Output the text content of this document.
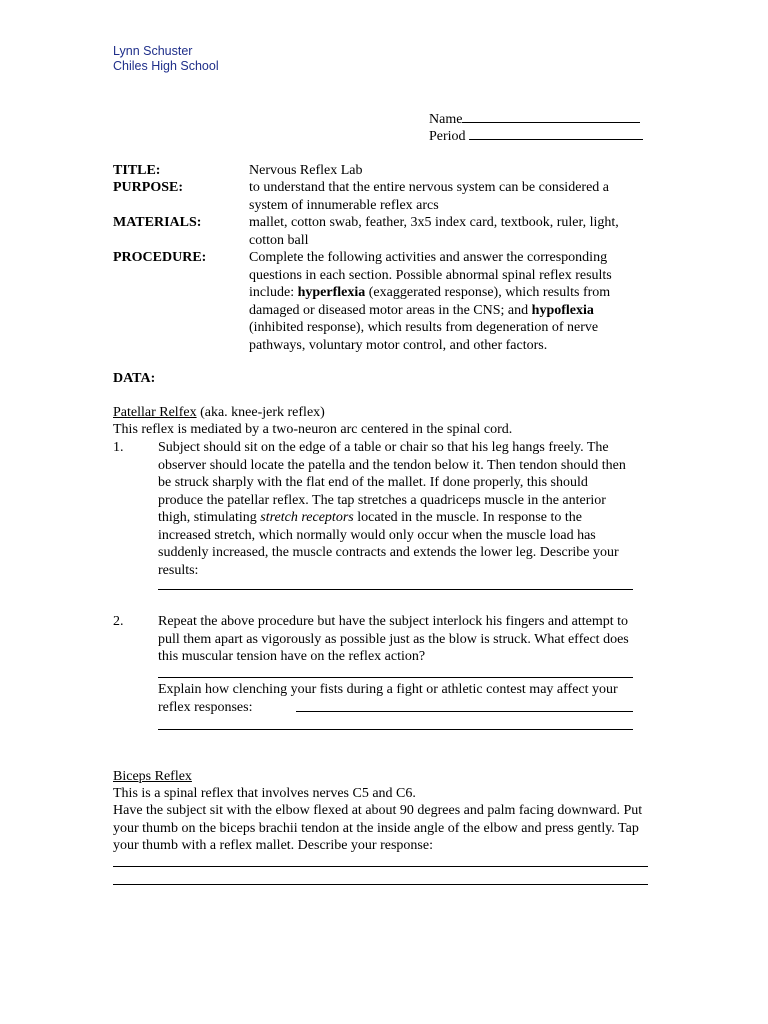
Lynn Schuster
Chiles High School
Name
Period
TITLE:	Nervous Reflex Lab
PURPOSE:	to understand that the entire nervous system can be considered a system of innumerable reflex arcs
MATERIALS:	mallet, cotton swab, feather, 3x5 index card, textbook, ruler, light, cotton ball
PROCEDURE:	Complete the following activities and answer the corresponding questions in each section. Possible abnormal spinal reflex results include: hyperflexia (exaggerated response), which results from damaged or diseased motor areas in the CNS; and hypoflexia (inhibited response), which results from degeneration of nerve pathways, voluntary motor control, and other factors.
DATA:
Patellar Relfex (aka. knee-jerk reflex)
This reflex is mediated by a two-neuron arc centered in the spinal cord.
1. Subject should sit on the edge of a table or chair so that his leg hangs freely. The observer should locate the patella and the tendon below it. Then tendon should then be struck sharply with the flat end of the mallet. If done properly, this should produce the patellar reflex. The tap stretches a quadriceps muscle in the anterior thigh, stimulating stretch receptors located in the muscle. In response to the increased stretch, which normally would only occur when the muscle load has suddenly increased, the muscle contracts and extends the lower leg. Describe your results:
2. Repeat the above procedure but have the subject interlock his fingers and attempt to pull them apart as vigorously as possible just as the blow is struck. What effect does this muscular tension have on the reflex action?
Explain how clenching your fists during a fight or athletic contest may affect your reflex responses:
Biceps Reflex
This is a spinal reflex that involves nerves C5 and C6.
Have the subject sit with the elbow flexed at about 90 degrees and palm facing downward. Put your thumb on the biceps brachii tendon at the inside angle of the elbow and press gently. Tap your thumb with a reflex mallet. Describe your response:
